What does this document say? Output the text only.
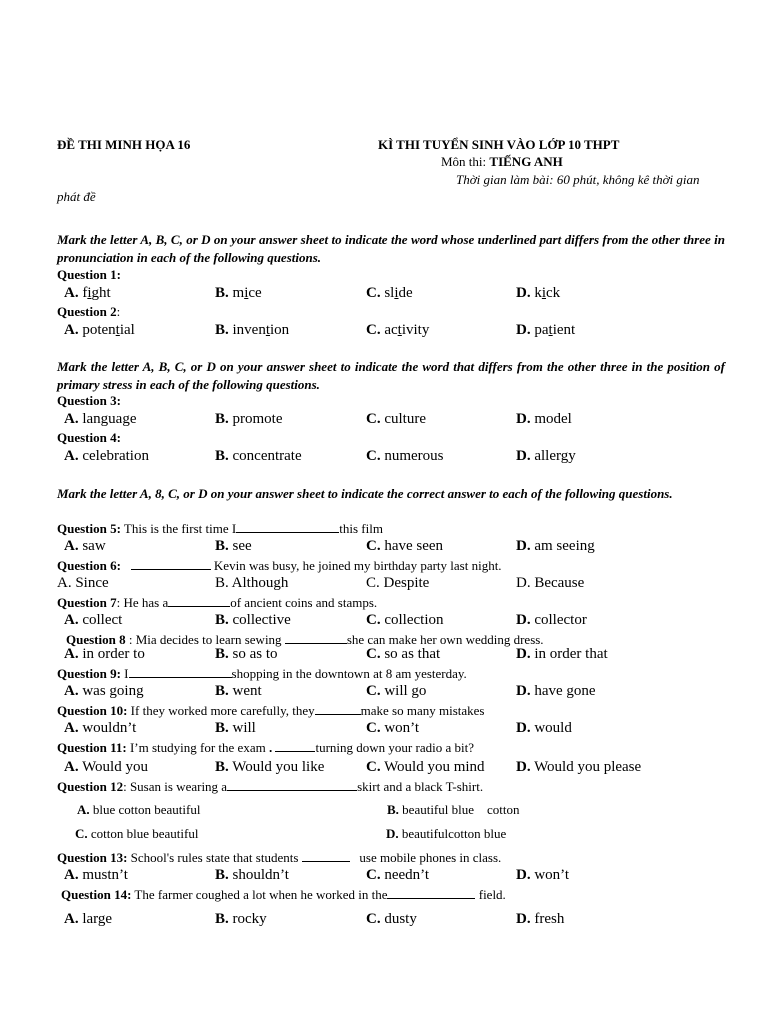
ĐỀ THI MINH HỌA 16	KÌ THI TUYỂN SINH VÀO LỚP 10 THPT
Môn thi: TIẾNG ANH
Thời gian làm bài: 60 phút, không kê thời gian
phát đề
Mark the letter A, B, C, or D on your answer sheet to indicate the word whose underlined part differs from the other three in pronunciation in each of the following questions.
Question 1:
A. fight	B. mice	C. slide	D. kick
Question 2:
A. potential	B. invention	C. activity	D. patient
Mark the letter A, B, C, or D on your answer sheet to indicate the word that differs from the other three in the position of primary stress in each of the following questions.
Question 3:
A. language	B. promote	C. culture	D. model
Question 4:
A. celebration	B. concentrate	C. numerous	D. allergy
Mark the letter A, 8, C, or D on your answer sheet to indicate the correct answer to each of the following questions.
Question 5: This is the first time I	this film
A. saw	B. see	C. have seen	D. am seeing
Question 6:	Kevin was busy, he joined my birthday party last night.
A. Since	B. Although	C. Despite	D. Because
Question 7: He has a	of ancient coins and stamps.
A. collect	B. collective	C. collection	D. collector
Question 8 : Mia decides to learn sewing	she can make her own wedding dress.
A. in order to	B. so as to	C. so as that	D. in order that
Question 9: I	shopping in the downtown at 8 am yesterday.
A. was going	B. went	C. will go	D. have gone
Question 10: If they worked more carefully, they	make so many mistakes
A. wouldn’t	B. will	C. won’t	D. would
Question 11: I’m studying for the exam .	turning down your radio a bit?
A. Would you	B. Would you like	C. Would you mind D. Would you please
Question 12: Susan is wearing a	skirt and a black T-shirt.
A. blue cotton beautiful	B. beautiful blue    cotton
C. cotton blue beautiful	D. beautifulcotton blue
Question 13: School's rules state that students	use mobile phones in class.
A. mustn’t	B. shouldn’t	C. needn’t	D. won’t
Question 14: The farmer coughed a lot when he worked in the	field.
A. large	B. rocky	C. dusty	D. fresh
